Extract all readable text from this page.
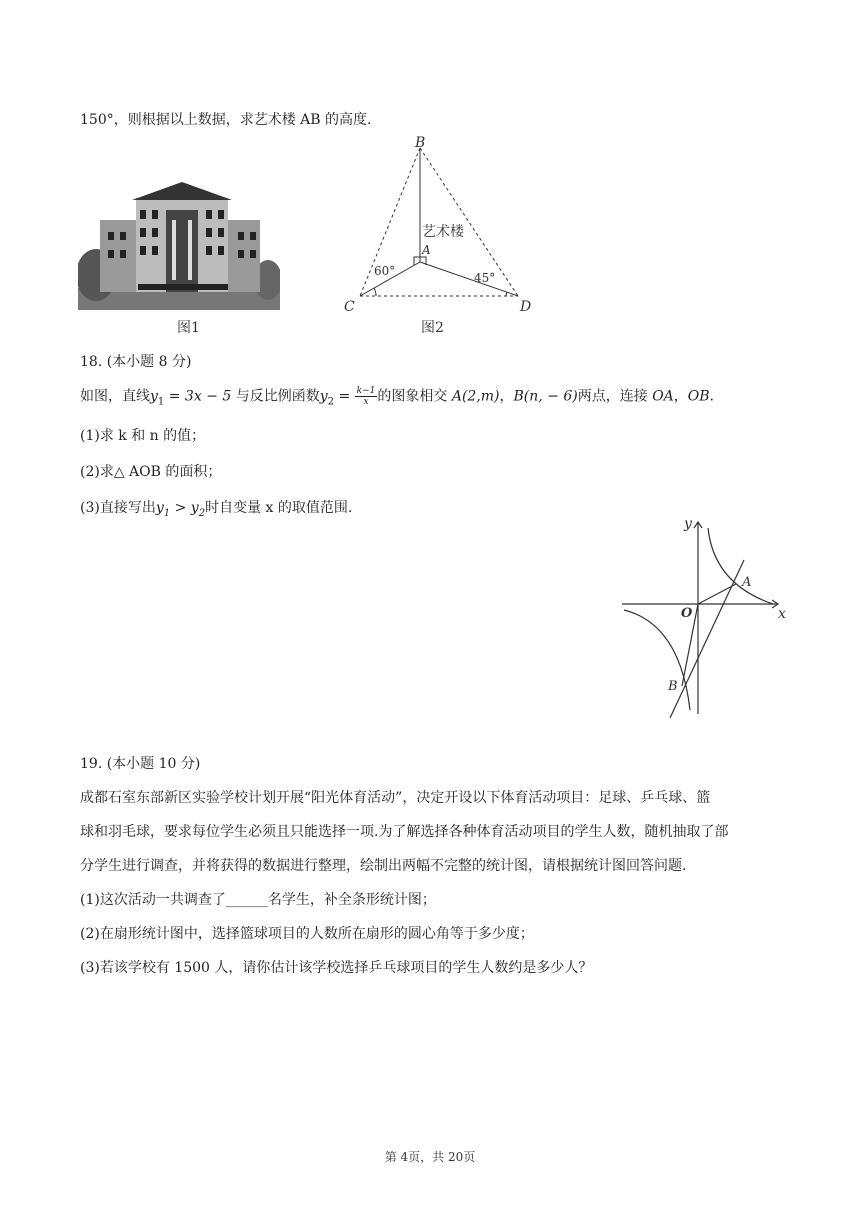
150°，则根据以上数据，求艺术楼 AB 的高度.
图1
B
A
C	D
艺术楼
60°	45°
图2
18. (本小题 8 分)
如图，直线$y_1 = 3x - 5$ 与反比例函数$y_2 = \frac{k-1}{x}$ 的图象相交 A(2,m)，B(n, − 6)两点，连接 OA，OB.
(1)求 k 和 n 的值；
(2)求△ AOB 的面积；
(3)直接写出$y_1 > y_2$时自变量 x 的取值范围.
y
x
O
A
B
19. (本小题 10 分)
成都石室东部新区实验学校计划开展“阳光体育活动”，决定开设以下体育活动项目：足球、乒乓球、篮
球和羽毛球，要求每位学生必须且只能选择一项.为了解选择各种体育活动项目的学生人数，随机抽取了部
分学生进行调查，并将获得的数据进行整理，绘制出两幅不完整的统计图，请根据统计图回答问题.
(1)这次活动一共调查了______名学生，补全条形统计图；
(2)在扇形统计图中，选择篮球项目的人数所在扇形的圆心角等于多少度；
(3)若该学校有 1500 人，请你估计该学校选择乒乓球项目的学生人数约是多少人？
第 4页，共 20页
